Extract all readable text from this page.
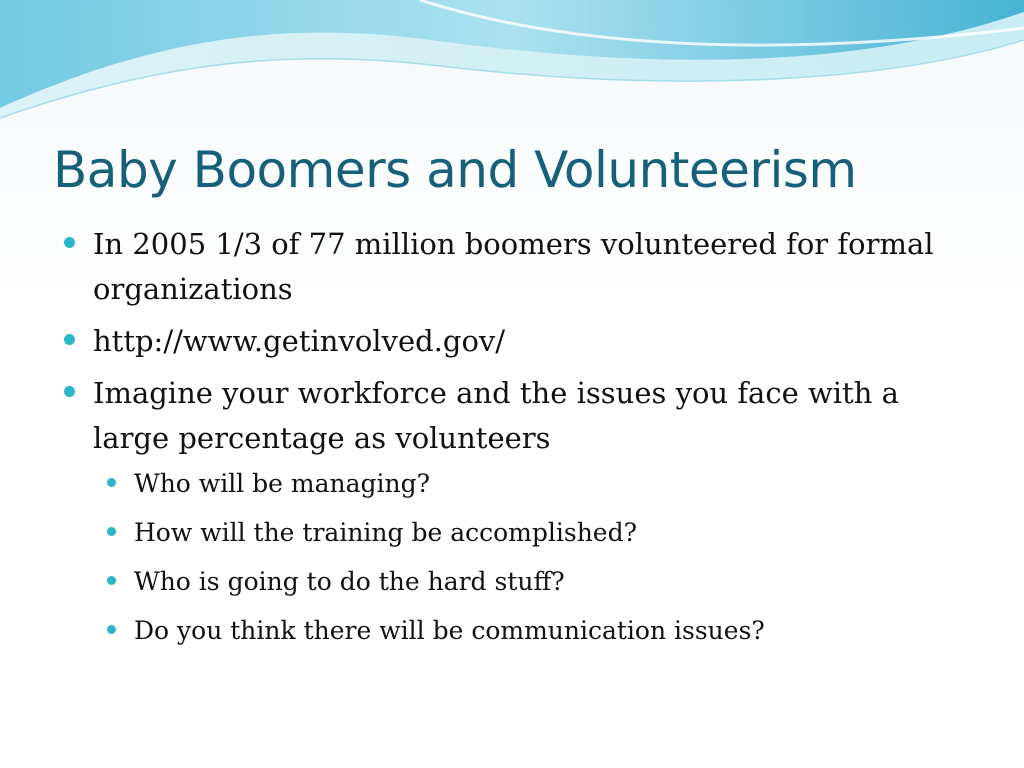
Baby Boomers and Volunteerism
In 2005 1/3 of 77 million boomers volunteered for formal organizations
http://www.getinvolved.gov/
Imagine your workforce and the issues you face with a large percentage as volunteers
Who will be managing?
How will the training be accomplished?
Who is going to do the hard stuff?
Do you think there will be communication issues?
